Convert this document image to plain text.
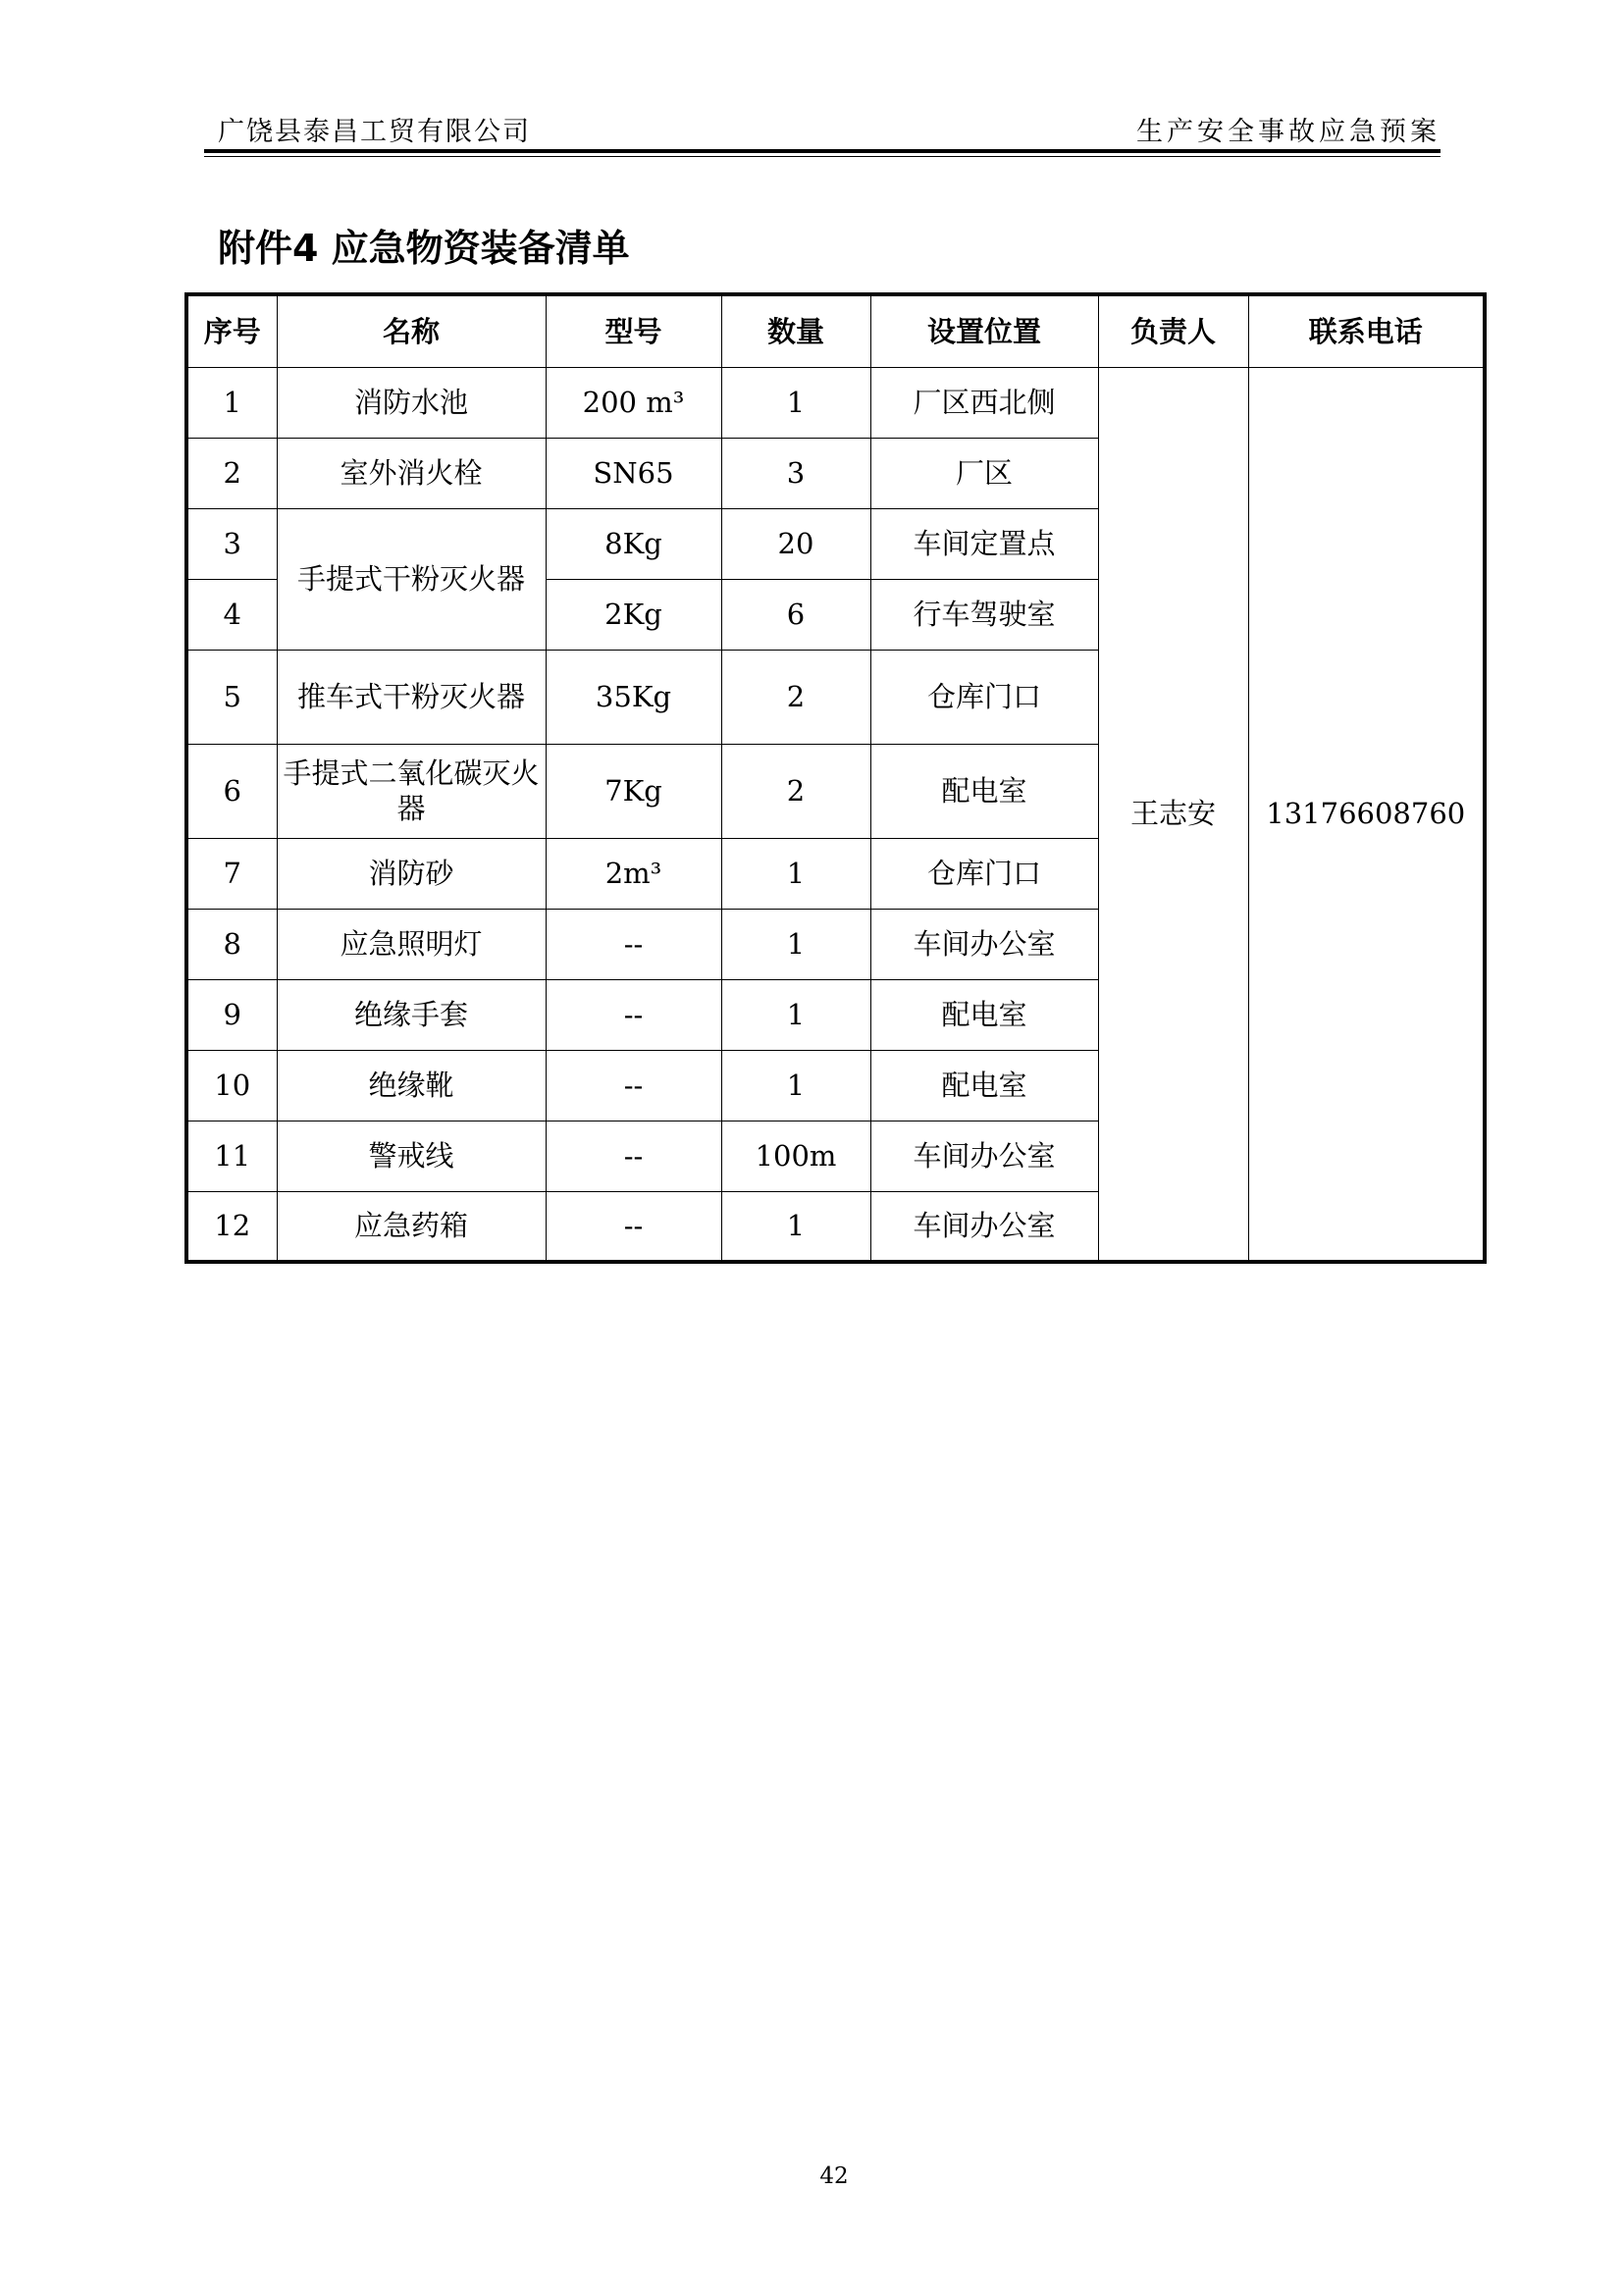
广饶县泰昌工贸有限公司	生产安全事故应急预案
附件4 应急物资装备清单
序号	名称	型号	数量	设置位置	负责人	联系电话
1	消防水池	200 m³	1	厂区西北侧	王志安	13176608760
2	室外消火栓	SN65	3	厂区		
3	手提式干粉灭火器	8Kg	20	车间定置点		
4		2Kg	6	行车驾驶室		
5	推车式干粉灭火器	35Kg	2	仓库门口		
6	手提式二氧化碳灭火器	7Kg	2	配电室		
7	消防砂	2m³	1	仓库门口		
8	应急照明灯	--	1	车间办公室		
9	绝缘手套	--	1	配电室		
10	绝缘靴	--	1	配电室		
11	警戒线	--	100m	车间办公室		
12	应急药箱	--	1	车间办公室		
42
